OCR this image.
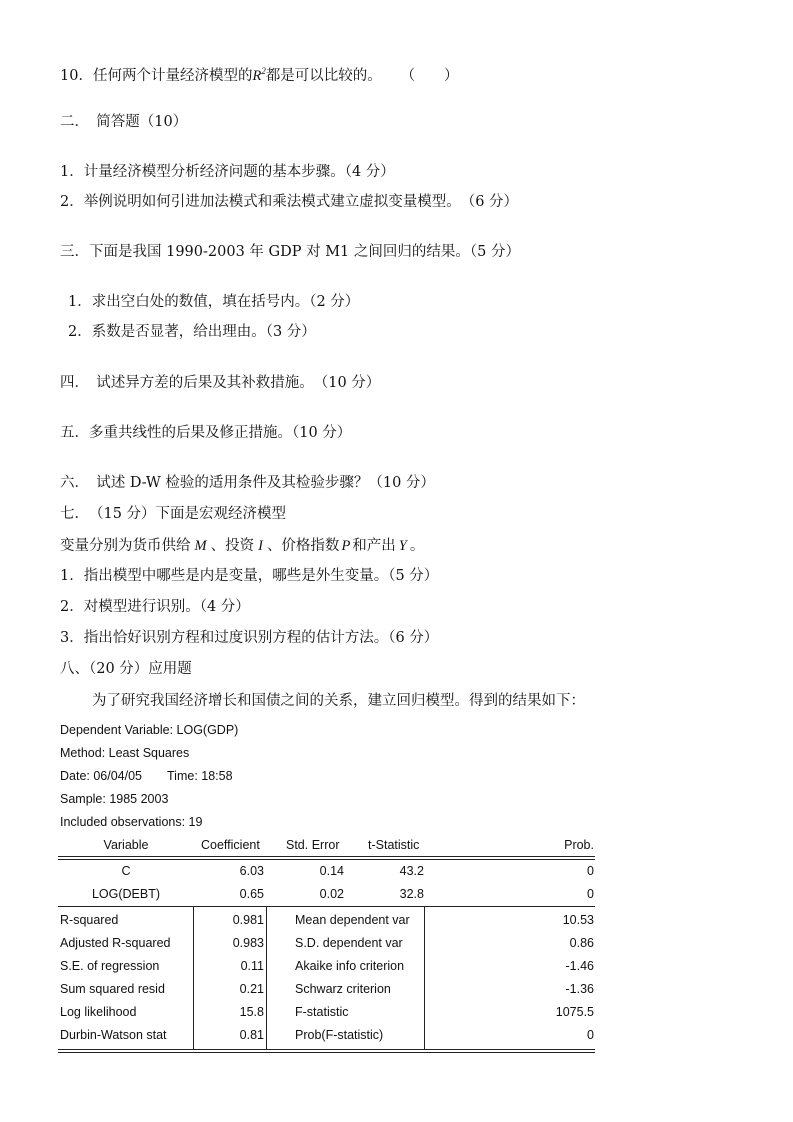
10．任何两个计量经济模型的$R^2$都是可以比较的。 （　　）
二．　简答题（10）
1．计量经济模型分析经济问题的基本步骤。（4 分）
2．举例说明如何引进加法模式和乘法模式建立虚拟变量模型。　（6 分）
三．下面是我国 1990-2003 年 GDP 对 M1 之间回归的结果。（5 分）
1．求出空白处的数值，填在括号内。（2 分）
2．系数是否显著，给出理由。（3 分）
四．　试述异方差的后果及其补救措施。　（10 分）
五．多重共线性的后果及修正措施。（10 分）
六．　试述 D-W 检验的适用条件及其检验步骤？（10 分）
七．　（15 分）下面是宏观经济模型
变量分别为货币供给 M 、投资 I 、价格指数 P 和产出 Y 。
1．指出模型中哪些是内是变量，哪些是外生变量。（5 分）
2．对模型进行识别。（4 分）
3．指出恰好识别方程和过度识别方程的估计方法。（6 分）
八、（20 分）应用题
为了研究我国经济增长和国债之间的关系，建立回归模型。得到的结果如下：
Dependent Variable: LOG(GDP)
Method: Least Squares
Date: 06/04/05　　Time: 18:58
Sample: 1985 2003
Included observations: 19
Variable	Coefficient Std. Error t-Statistic	Prob.
C	6.03	0.14	43.2	0
LOG(DEBT)	0.65	0.02	32.8	0
R-squared	0.981 Mean dependent var	10.53
Adjusted R-squared	0.983 S.D. dependent var	0.86
S.E. of regression	0.11 Akaike info criterion	-1.46
Sum squared resid	0.21 Schwarz criterion	-1.36
Log likelihood	15.8 F-statistic	1075.5
Durbin-Watson stat	0.81 Prob(F-statistic)	0
